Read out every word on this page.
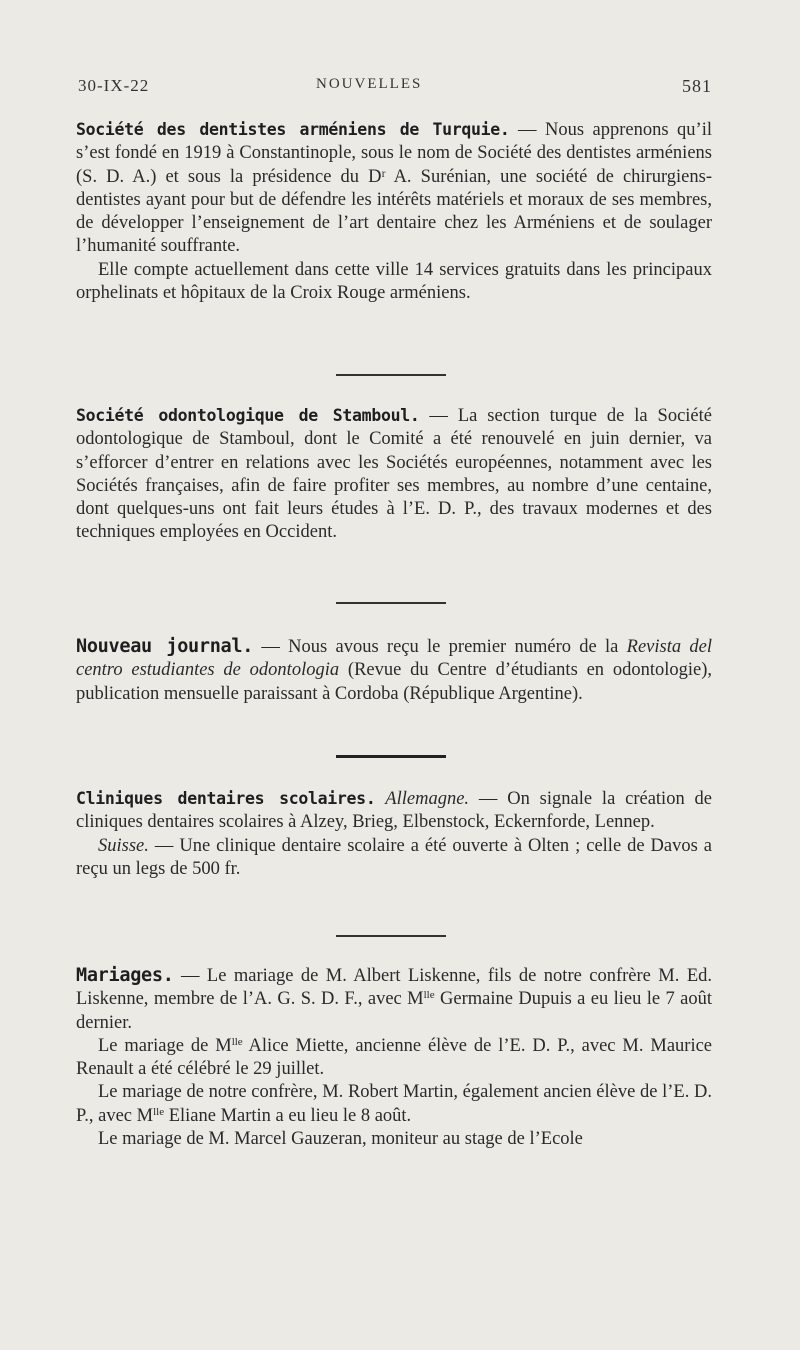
30-IX-22	NOUVELLES	581

Société des dentistes arméniens de Turquie. — Nous apprenons qu’il s’est fondé en 1919 à Constantinople, sous le nom de Société des dentistes arméniens (S. D. A.) et sous la présidence du Dʳ A. Surénian, une société de chirurgiens-dentistes ayant pour but de défendre les intérêts matériels et moraux de ses membres, de développer l’enseignement de l’art dentaire chez les Arméniens et de soulager l’humanité souffrante.

Elle compte actuellement dans cette ville 14 services gratuits dans les principaux orphelinats et hôpitaux de la Croix Rouge arméniens.

Société odontologique de Stamboul. — La section turque de la Société odontologique de Stamboul, dont le Comité a été renouvelé en juin dernier, va s’efforcer d’entrer en relations avec les Sociétés européennes, notamment avec les Sociétés françaises, afin de faire profiter ses membres, au nombre d’une centaine, dont quelques-uns ont fait leurs études à l’E. D. P., des travaux modernes et des techniques employées en Occident.

Nouveau journal. — Nous avous reçu le premier numéro de la Revista del centro estudiantes de odontologia (Revue du Centre d’étudiants en odontologie), publication mensuelle paraissant à Cordoba (République Argentine).

Cliniques dentaires scolaires. Allemagne. — On signale la création de cliniques dentaires scolaires à Alzey, Brieg, Elbenstock, Eckernforde, Lennep.

Suisse. — Une clinique dentaire scolaire a été ouverte à Olten ; celle de Davos a reçu un legs de 500 fr.

Mariages. — Le mariage de M. Albert Liskenne, fils de notre confrère M. Ed. Liskenne, membre de l’A. G. S. D. F., avec $M^{lle}$ Germaine Dupuis a eu lieu le 7 août dernier.

Le mariage de $M^{lle}$ Alice Miette, ancienne élève de l’E. D. P., avec M. Maurice Renault a été célébré le 29 juillet.

Le mariage de notre confrère, M. Robert Martin, également ancien élève de l’E. D. P., avec $M^{lle}$ Eliane Martin a eu lieu le 8 août.

Le mariage de M. Marcel Gauzeran, moniteur au stage de l’Ecole
